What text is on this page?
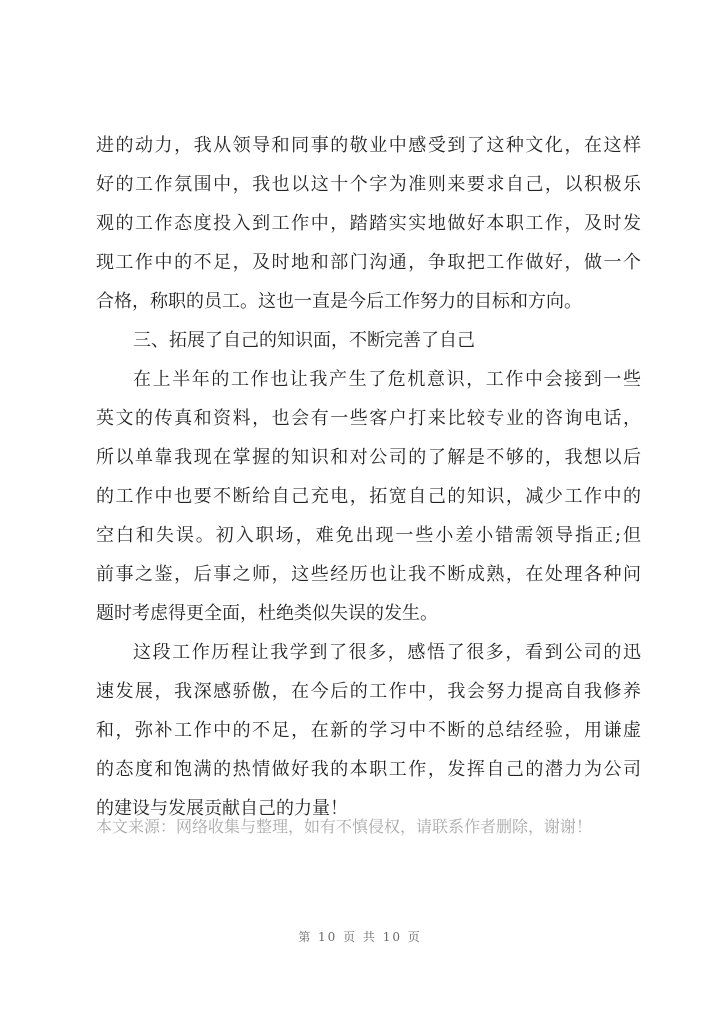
进的动力，我从领导和同事的敬业中感受到了这种文化，在这样
好的工作氛围中，我也以这十个字为准则来要求自己，以积极乐
观的工作态度投入到工作中，踏踏实实地做好本职工作，及时发
现工作中的不足，及时地和部门沟通，争取把工作做好，做一个
合格，称职的员工。这也一直是今后工作努力的目标和方向。
三、拓展了自己的知识面，不断完善了自己
在上半年的工作也让我产生了危机意识，工作中会接到一些
英文的传真和资料，也会有一些客户打来比较专业的咨询电话，
所以单靠我现在掌握的知识和对公司的了解是不够的，我想以后
的工作中也要不断给自己充电，拓宽自己的知识，减少工作中的
空白和失误。初入职场，难免出现一些小差小错需领导指正;但
前事之鉴，后事之师，这些经历也让我不断成熟，在处理各种问
题时考虑得更全面，杜绝类似失误的发生。
这段工作历程让我学到了很多，感悟了很多，看到公司的迅
速发展，我深感骄傲，在今后的工作中，我会努力提高自我修养
和，弥补工作中的不足，在新的学习中不断的总结经验，用谦虚
的态度和饱满的热情做好我的本职工作，发挥自己的潜力为公司
的建设与发展贡献自己的力量！
本文来源：网络收集与整理，如有不慎侵权，请联系作者删除，谢谢！
第 10 页 共 10 页
